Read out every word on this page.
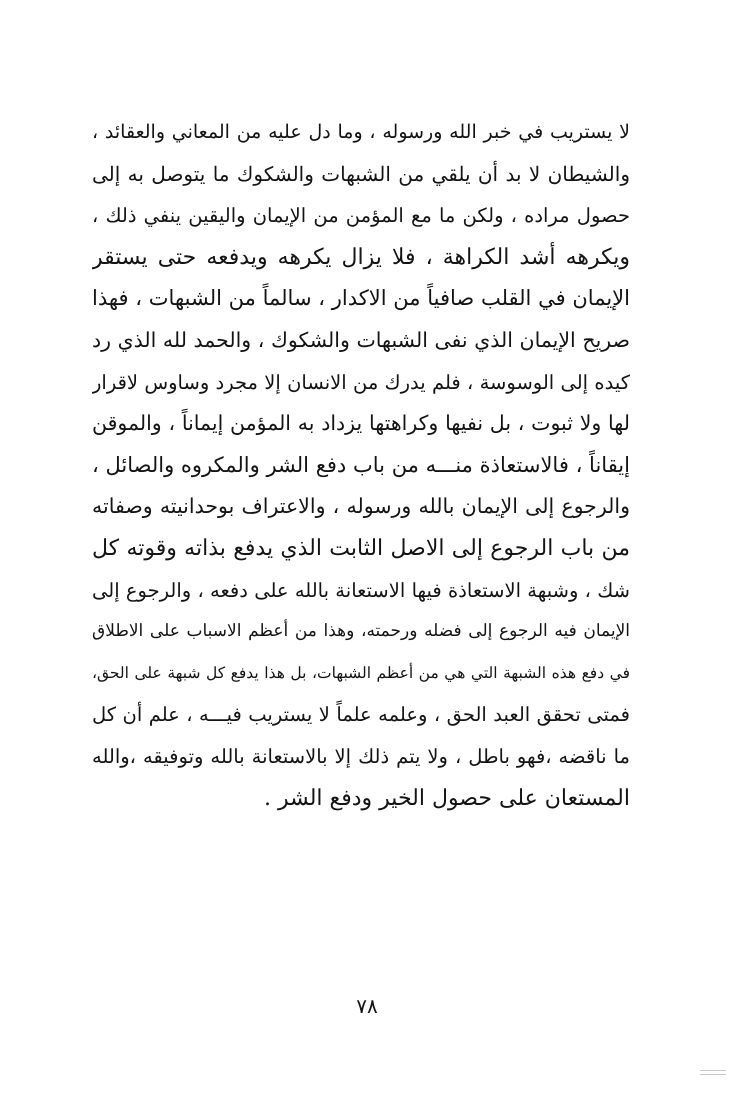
لا يستريب في خبر الله ورسوله ، وما دل عليه من المعاني والعقائد ،
والشيطان لا بد أن يلقي من الشبهات والشكوك ما يتوصل به إلى
حصول مراده ، ولكن ما مع المؤمن من الإيمان واليقين ينفي ذلك ،
ويكرهه أشد الكراهة ، فلا يزال يكرهه ويدفعه حتى يستقر
الإيمان في القلب صافياً من الاكدار ، سالماً من الشبهات ، فهذا
صريح الإيمان الذي نفى الشبهات والشكوك ، والحمد لله الذي رد
كيده إلى الوسوسة ، فلم يدرك من الانسان إلا مجرد وساوس لاقرار
لها ولا ثبوت ، بل نفيها وكراهتها يزداد به المؤمن إيماناً ، والموقن
إيقاناً ، فالاستعاذة منـــه من باب دفع الشر والمكروه والصائل ،
والرجوع إلى الإيمان بالله ورسوله ، والاعتراف بوحدانيته وصفاته
من باب الرجوع إلى الاصل الثابت الذي يدفع بذاته وقوته كل
شك ، وشبهة الاستعاذة فيها الاستعانة بالله على دفعه ، والرجوع إلى
الإيمان فيه الرجوع إلى فضله ورحمته، وهذا من أعظم الاسباب على الاطلاق
في دفع هذه الشبهة التي هي من أعظم الشبهات، بل هذا يدفع كل شبهة على الحق،
فمتى تحقق العبد الحق ، وعلمه علماً لا يستريب فيـــه ، علم أن كل
ما ناقضه ،فهو باطل ، ولا يتم ذلك إلا بالاستعانة بالله وتوفيقه ،والله
المستعان على حصول الخير ودفع الشر .
٧٨
